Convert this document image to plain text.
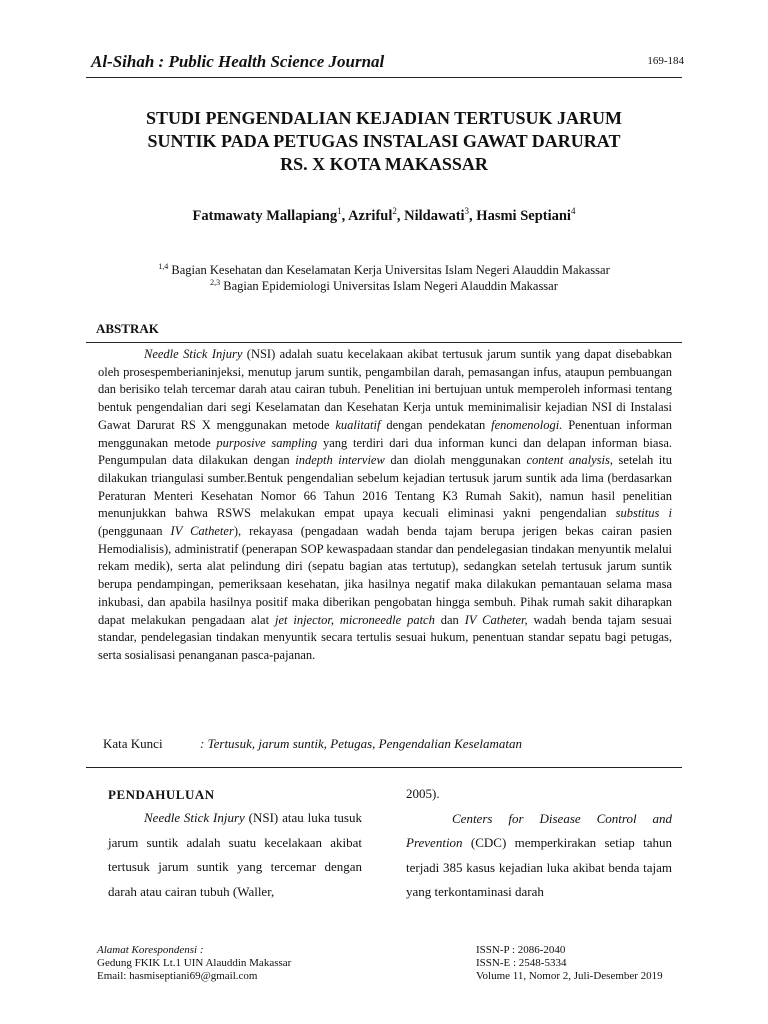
Al-Sihah : Public Health Science Journal	169-184
STUDI PENGENDALIAN KEJADIAN TERTUSUK JARUM
SUNTIK PADA PETUGAS INSTALASI GAWAT DARURAT
RS. X KOTA MAKASSAR
Fatmawaty Mallapiang$^1$, Azriful$^2$, Nildawati$^3$, Hasmi Septiani$^4$
$^{1,4}$ Bagian Kesehatan dan Keselamatan Kerja Universitas Islam Negeri Alauddin Makassar
$^{2,3}$ Bagian Epidemiologi Universitas Islam Negeri Alauddin Makassar
ABSTRAK

Needle Stick Injury (NSI) adalah suatu kecelakaan akibat tertusuk jarum suntik yang dapat disebabkan oleh prosespemberianinjeksi, menutup jarum suntik, pengambilan darah, pemasangan infus, ataupun pembuangan dan berisiko telah tercemar darah atau cairan tubuh. Penelitian ini bertujuan untuk memperoleh informasi tentang bentuk pengendalian dari segi Keselamatan dan Kesehatan Kerja untuk meminimalisir kejadian NSI di Instalasi Gawat Darurat RS X menggunakan metode kualitatif dengan pendekatan fenomenologi. Penentuan informan menggunakan metode purposive sampling yang terdiri dari dua informan kunci dan delapan informan biasa. Pengumpulan data dilakukan dengan indepth interview dan diolah menggunakan content analysis, setelah itu dilakukan triangulasi sumber.Bentuk pengendalian sebelum kejadian tertusuk jarum suntik ada lima (berdasarkan Peraturan Menteri Kesehatan Nomor 66 Tahun 2016 Tentang K3 Rumah Sakit), namun hasil penelitian menunjukkan bahwa RSWS melakukan empat upaya kecuali eliminasi yakni pengendalian substitus i (penggunaan IV Catheter), rekayasa (pengadaan wadah benda tajam berupa jerigen bekas cairan pasien Hemodialisis), administratif (penerapan SOP kewaspadaan standar dan pendelegasian tindakan menyuntik melalui rekam medik), serta alat pelindung diri (sepatu bagian atas tertutup), sedangkan setelah tertusuk jarum suntik berupa pendampingan, pemeriksaan kesehatan, jika hasilnya negatif maka dilakukan pemantauan selama masa inkubasi, dan apabila hasilnya positif maka diberikan pengobatan hingga sembuh. Pihak rumah sakit diharapkan dapat melakukan pengadaan alat jet injector, microneedle patch dan IV Catheter, wadah benda tajam sesuai standar, pendelegasian tindakan menyuntik secara tertulis sesuai hukum, penentuan standar sepatu bagi petugas, serta sosialisasi penanganan pasca-pajanan.

Kata Kunci	: Tertusuk, jarum suntik, Petugas, Pengendalian Keselamatan
PENDAHULUAN

Needle Stick Injury (NSI) atau luka tusuk jarum suntik adalah suatu kecelakaan akibat tertusuk jarum suntik yang tercemar dengan darah atau cairan tubuh (Waller,

2005).

Centers for Disease Control and Prevention (CDC) memperkirakan setiap tahun terjadi 385 kasus kejadian luka akibat benda tajam yang terkontaminasi darah

Alamat Korespondensi :
Gedung FKIK Lt.1 UIN Alauddin Makassar
Email: hasmiseptiani69@gmail.com
ISSN-P : 2086-2040
ISSN-E : 2548-5334
Volume 11, Nomor 2, Juli-Desember 2019
